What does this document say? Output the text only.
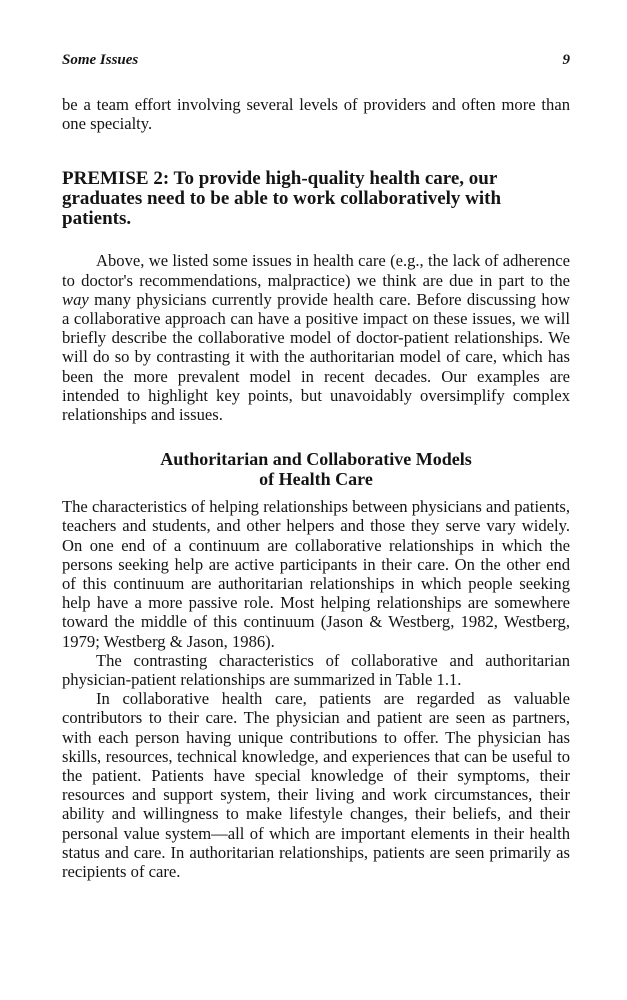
Some Issues	9

be a team effort involving several levels of providers and often more than one specialty.

PREMISE 2: To provide high-quality health care, our graduates need to be able to work collaboratively with patients.

Above, we listed some issues in health care (e.g., the lack of adherence to doctor's recommendations, malpractice) we think are due in part to the way many physicians currently provide health care. Before discussing how a collaborative approach can have a positive impact on these issues, we will briefly describe the collaborative model of doctor-patient relationships. We will do so by contrasting it with the authoritarian model of care, which has been the more prevalent model in recent decades. Our examples are intended to highlight key points, but unavoidably oversimplify complex relationships and issues.

Authoritarian and Collaborative Models
of Health Care

The characteristics of helping relationships between physicians and patients, teachers and students, and other helpers and those they serve vary widely. On one end of a continuum are collaborative relationships in which the persons seeking help are active participants in their care. On the other end of this continuum are authoritarian relationships in which people seeking help have a more passive role. Most helping relationships are somewhere toward the middle of this continuum (Jason & Westberg, 1982, Westberg, 1979; Westberg & Jason, 1986).

The contrasting characteristics of collaborative and authoritarian physician-patient relationships are summarized in Table 1.1.

In collaborative health care, patients are regarded as valuable contributors to their care. The physician and patient are seen as partners, with each person having unique contributions to offer. The physician has skills, resources, technical knowledge, and experiences that can be useful to the patient. Patients have special knowledge of their symptoms, their resources and support system, their living and work circumstances, their ability and willingness to make lifestyle changes, their beliefs, and their personal value system—all of which are important elements in their health status and care. In authoritarian relationships, patients are seen primarily as recipients of care.
